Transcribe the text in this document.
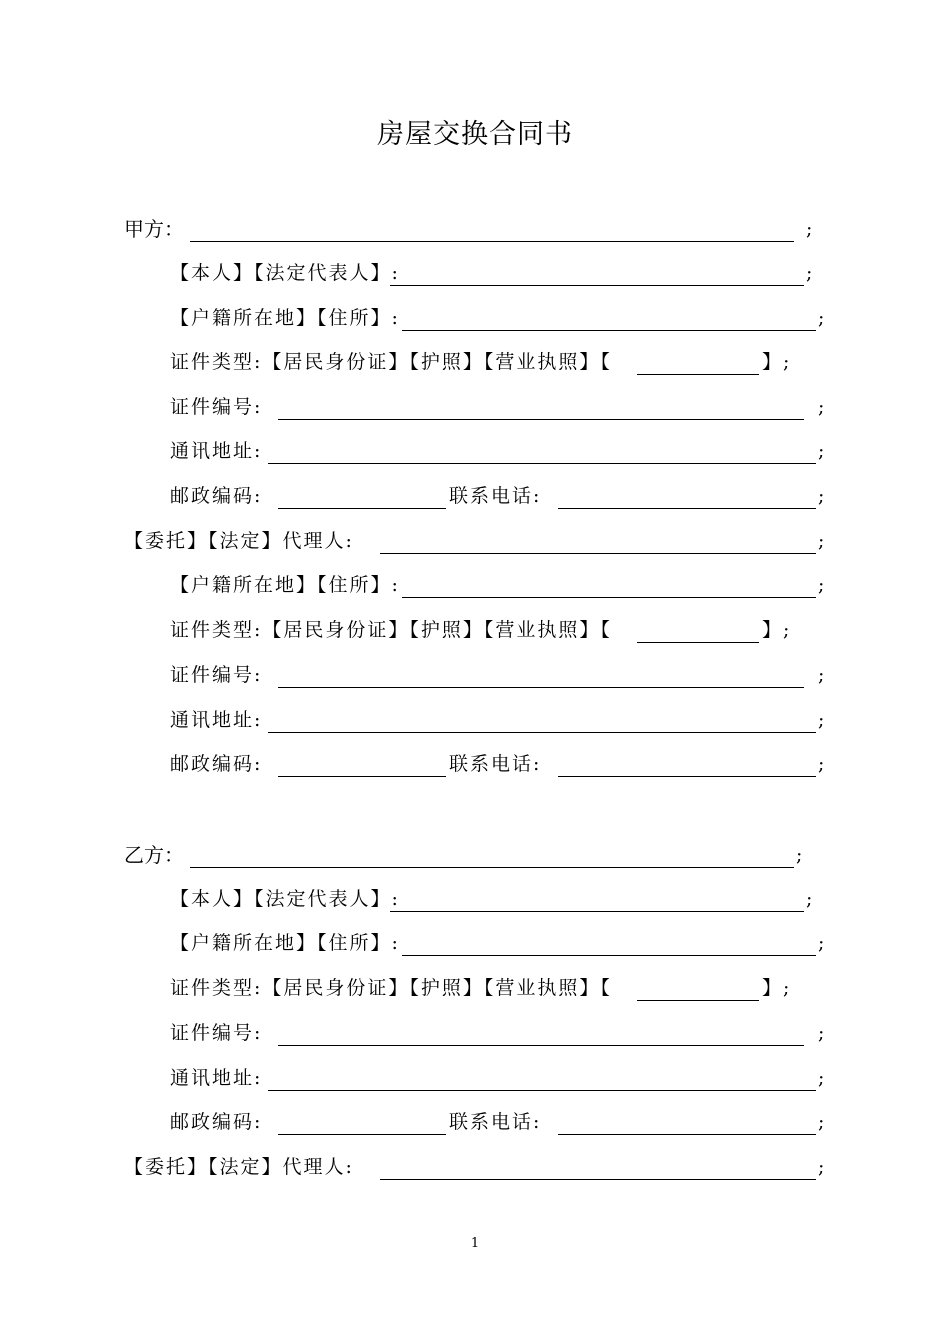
房屋交换合同书
甲方：	;
【本人】【法定代表人】:	;
【户籍所在地】【住所】:	;
证件类型:【居民身份证】【护照】【营业执照】【	】;
证件编号:	;
通讯地址:	;
邮政编码:	联系电话:	;
【委托】【法定】代理人:	;
【户籍所在地】【住所】:	;
证件类型:【居民身份证】【护照】【营业执照】【	】;
证件编号:	;
通讯地址:	;
邮政编码:	联系电话:	;
乙方：	;
【本人】【法定代表人】:	;
【户籍所在地】【住所】:	;
证件类型:【居民身份证】【护照】【营业执照】【	】;
证件编号:	;
通讯地址:	;
邮政编码:	联系电话:	;
【委托】【法定】代理人:	;
1
